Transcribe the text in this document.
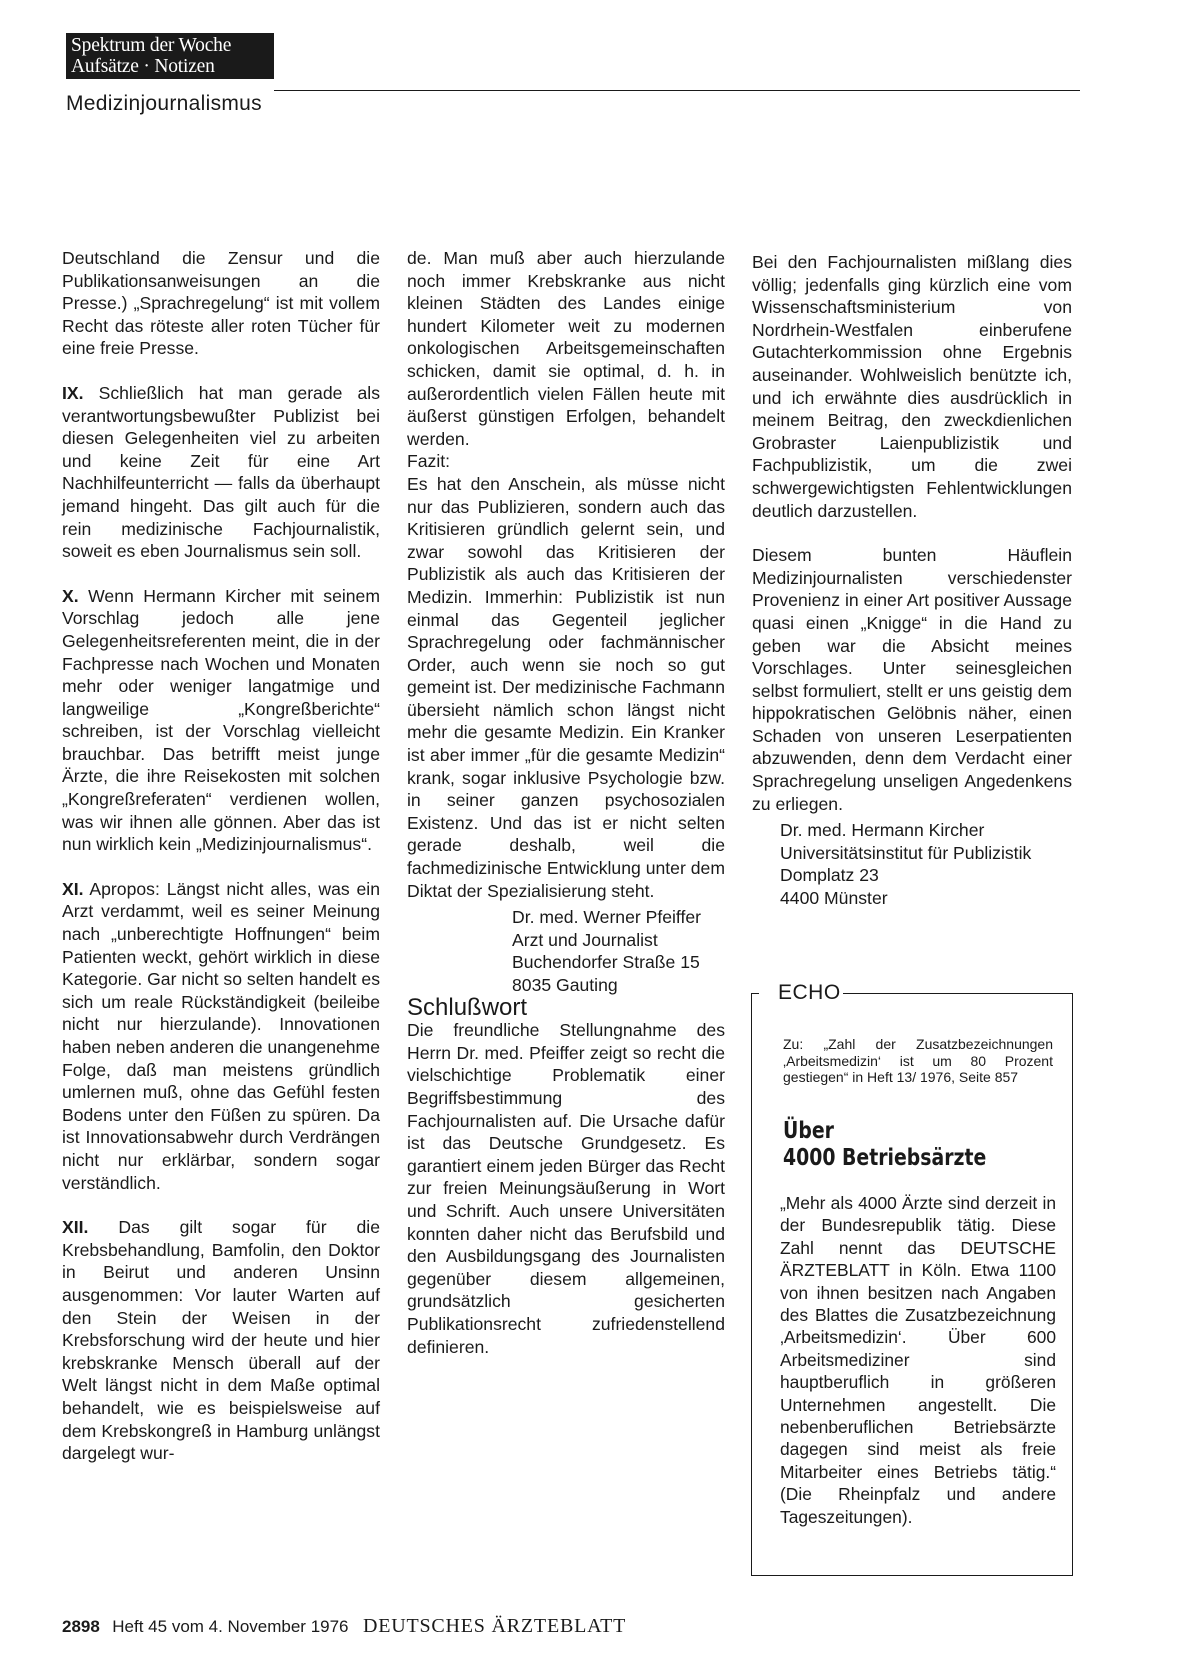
Spektrum der Woche
Aufsätze · Notizen
Medizinjournalismus

Deutschland die Zensur und die Publikationsanweisungen an die Presse.) „Sprachregelung“ ist mit vollem Recht das röteste aller roten Tücher für eine freie Presse.

IX. Schließlich hat man gerade als verantwortungsbewußter Publizist bei diesen Gelegenheiten viel zu arbeiten und keine Zeit für eine Art Nachhilfeunterricht — falls da überhaupt jemand hingeht. Das gilt auch für die rein medizinische Fachjournalistik, soweit es eben Journalismus sein soll.

X. Wenn Hermann Kircher mit seinem Vorschlag jedoch alle jene Gelegenheitsreferenten meint, die in der Fachpresse nach Wochen und Monaten mehr oder weniger langatmige und langweilige „Kongreßberichte“ schreiben, ist der Vorschlag vielleicht brauchbar. Das betrifft meist junge Ärzte, die ihre Reisekosten mit solchen „Kongreßreferaten“ verdienen wollen, was wir ihnen alle gönnen. Aber das ist nun wirklich kein „Medizinjournalismus“.

XI. Apropos: Längst nicht alles, was ein Arzt verdammt, weil es seiner Meinung nach „unberechtigte Hoffnungen“ beim Patienten weckt, gehört wirklich in diese Kategorie. Gar nicht so selten handelt es sich um reale Rückständigkeit (beileibe nicht nur hierzulande). Innovationen haben neben anderen die unangenehme Folge, daß man meistens gründlich umlernen muß, ohne das Gefühl festen Bodens unter den Füßen zu spüren. Da ist Innovationsabwehr durch Verdrängen nicht nur erklärbar, sondern sogar verständlich.

XII. Das gilt sogar für die Krebsbehandlung, Bamfolin, den Doktor in Beirut und anderen Unsinn ausgenommen: Vor lauter Warten auf den Stein der Weisen in der Krebsforschung wird der heute und hier krebskranke Mensch überall auf der Welt längst nicht in dem Maße optimal behandelt, wie es beispielsweise auf dem Krebskongreß in Hamburg unlängst dargelegt wur-

de. Man muß aber auch hierzulande noch immer Krebskranke aus nicht kleinen Städten des Landes einige hundert Kilometer weit zu modernen onkologischen Arbeitsgemeinschaften schicken, damit sie optimal, d. h. in außerordentlich vielen Fällen heute mit äußerst günstigen Erfolgen, behandelt werden.

Fazit:

Es hat den Anschein, als müsse nicht nur das Publizieren, sondern auch das Kritisieren gründlich gelernt sein, und zwar sowohl das Kritisieren der Publizistik als auch das Kritisieren der Medizin. Immerhin: Publizistik ist nun einmal das Gegenteil jeglicher Sprachregelung oder fachmännischer Order, auch wenn sie noch so gut gemeint ist. Der medizinische Fachmann übersieht nämlich schon längst nicht mehr die gesamte Medizin. Ein Kranker ist aber immer „für die gesamte Medizin“ krank, sogar inklusive Psychologie bzw. in seiner ganzen psychosozialen Existenz. Und das ist er nicht selten gerade deshalb, weil die fachmedizinische Entwicklung unter dem Diktat der Spezialisierung steht.

Dr. med. Werner Pfeiffer

Arzt und Journalist

Buchendorfer Straße 15

8035 Gauting

Schlußwort

Die freundliche Stellungnahme des Herrn Dr. med. Pfeiffer zeigt so recht die vielschichtige Problematik einer Begriffsbestimmung des Fachjournalisten auf. Die Ursache dafür ist das Deutsche Grundgesetz. Es garantiert einem jeden Bürger das Recht zur freien Meinungsäußerung in Wort und Schrift. Auch unsere Universitäten konnten daher nicht das Berufsbild und den Ausbildungsgang des Journalisten gegenüber diesem allgemeinen, grundsätzlich gesicherten Publikationsrecht zufriedenstellend definieren.

Bei den Fachjournalisten mißlang dies völlig; jedenfalls ging kürzlich eine vom Wissenschaftsministerium von Nordrhein-Westfalen einberufene Gutachterkommission ohne Ergebnis auseinander. Wohlweislich benützte ich, und ich erwähnte dies ausdrücklich in meinem Beitrag, den zweckdienlichen Grobraster Laienpublizistik und Fachpublizistik, um die zwei schwergewichtigsten Fehlentwicklungen deutlich darzustellen.

Diesem bunten Häuflein Medizinjournalisten verschiedenster Provenienz in einer Art positiver Aussage quasi einen „Knigge“ in die Hand zu geben war die Absicht meines Vorschlages. Unter seinesgleichen selbst formuliert, stellt er uns geistig dem hippokratischen Gelöbnis näher, einen Schaden von unseren Leserpatienten abzuwenden, denn dem Verdacht einer Sprachregelung unseligen Angedenkens zu erliegen.

Dr. med. Hermann Kircher

Universitätsinstitut für Publizistik

Domplatz 23

4400 Münster

ECHO
Zu: „Zahl der Zusatzbezeichnungen ‚Arbeitsmedizin‘ ist um 80 Prozent gestiegen“ in Heft 13/ 1976, Seite 857
Über
4000 Betriebsärzte
„Mehr als 4000 Ärzte sind derzeit in der Bundesrepublik tätig. Diese Zahl nennt das DEUTSCHE ÄRZTEBLATT in Köln. Etwa 1100 von ihnen besitzen nach Angaben des Blattes die Zusatzbezeichnung ‚Arbeitsmedizin‘. Über 600 Arbeitsmediziner sind hauptberuflich in größeren Unternehmen angestellt. Die nebenberuflichen Betriebsärzte dagegen sind meist als freie Mitarbeiter eines Betriebs tätig.“ (Die Rheinpfalz und andere Tageszeitungen).
2898 Heft 45 vom 4. November 1976 DEUTSCHES ÄRZTEBLATT
